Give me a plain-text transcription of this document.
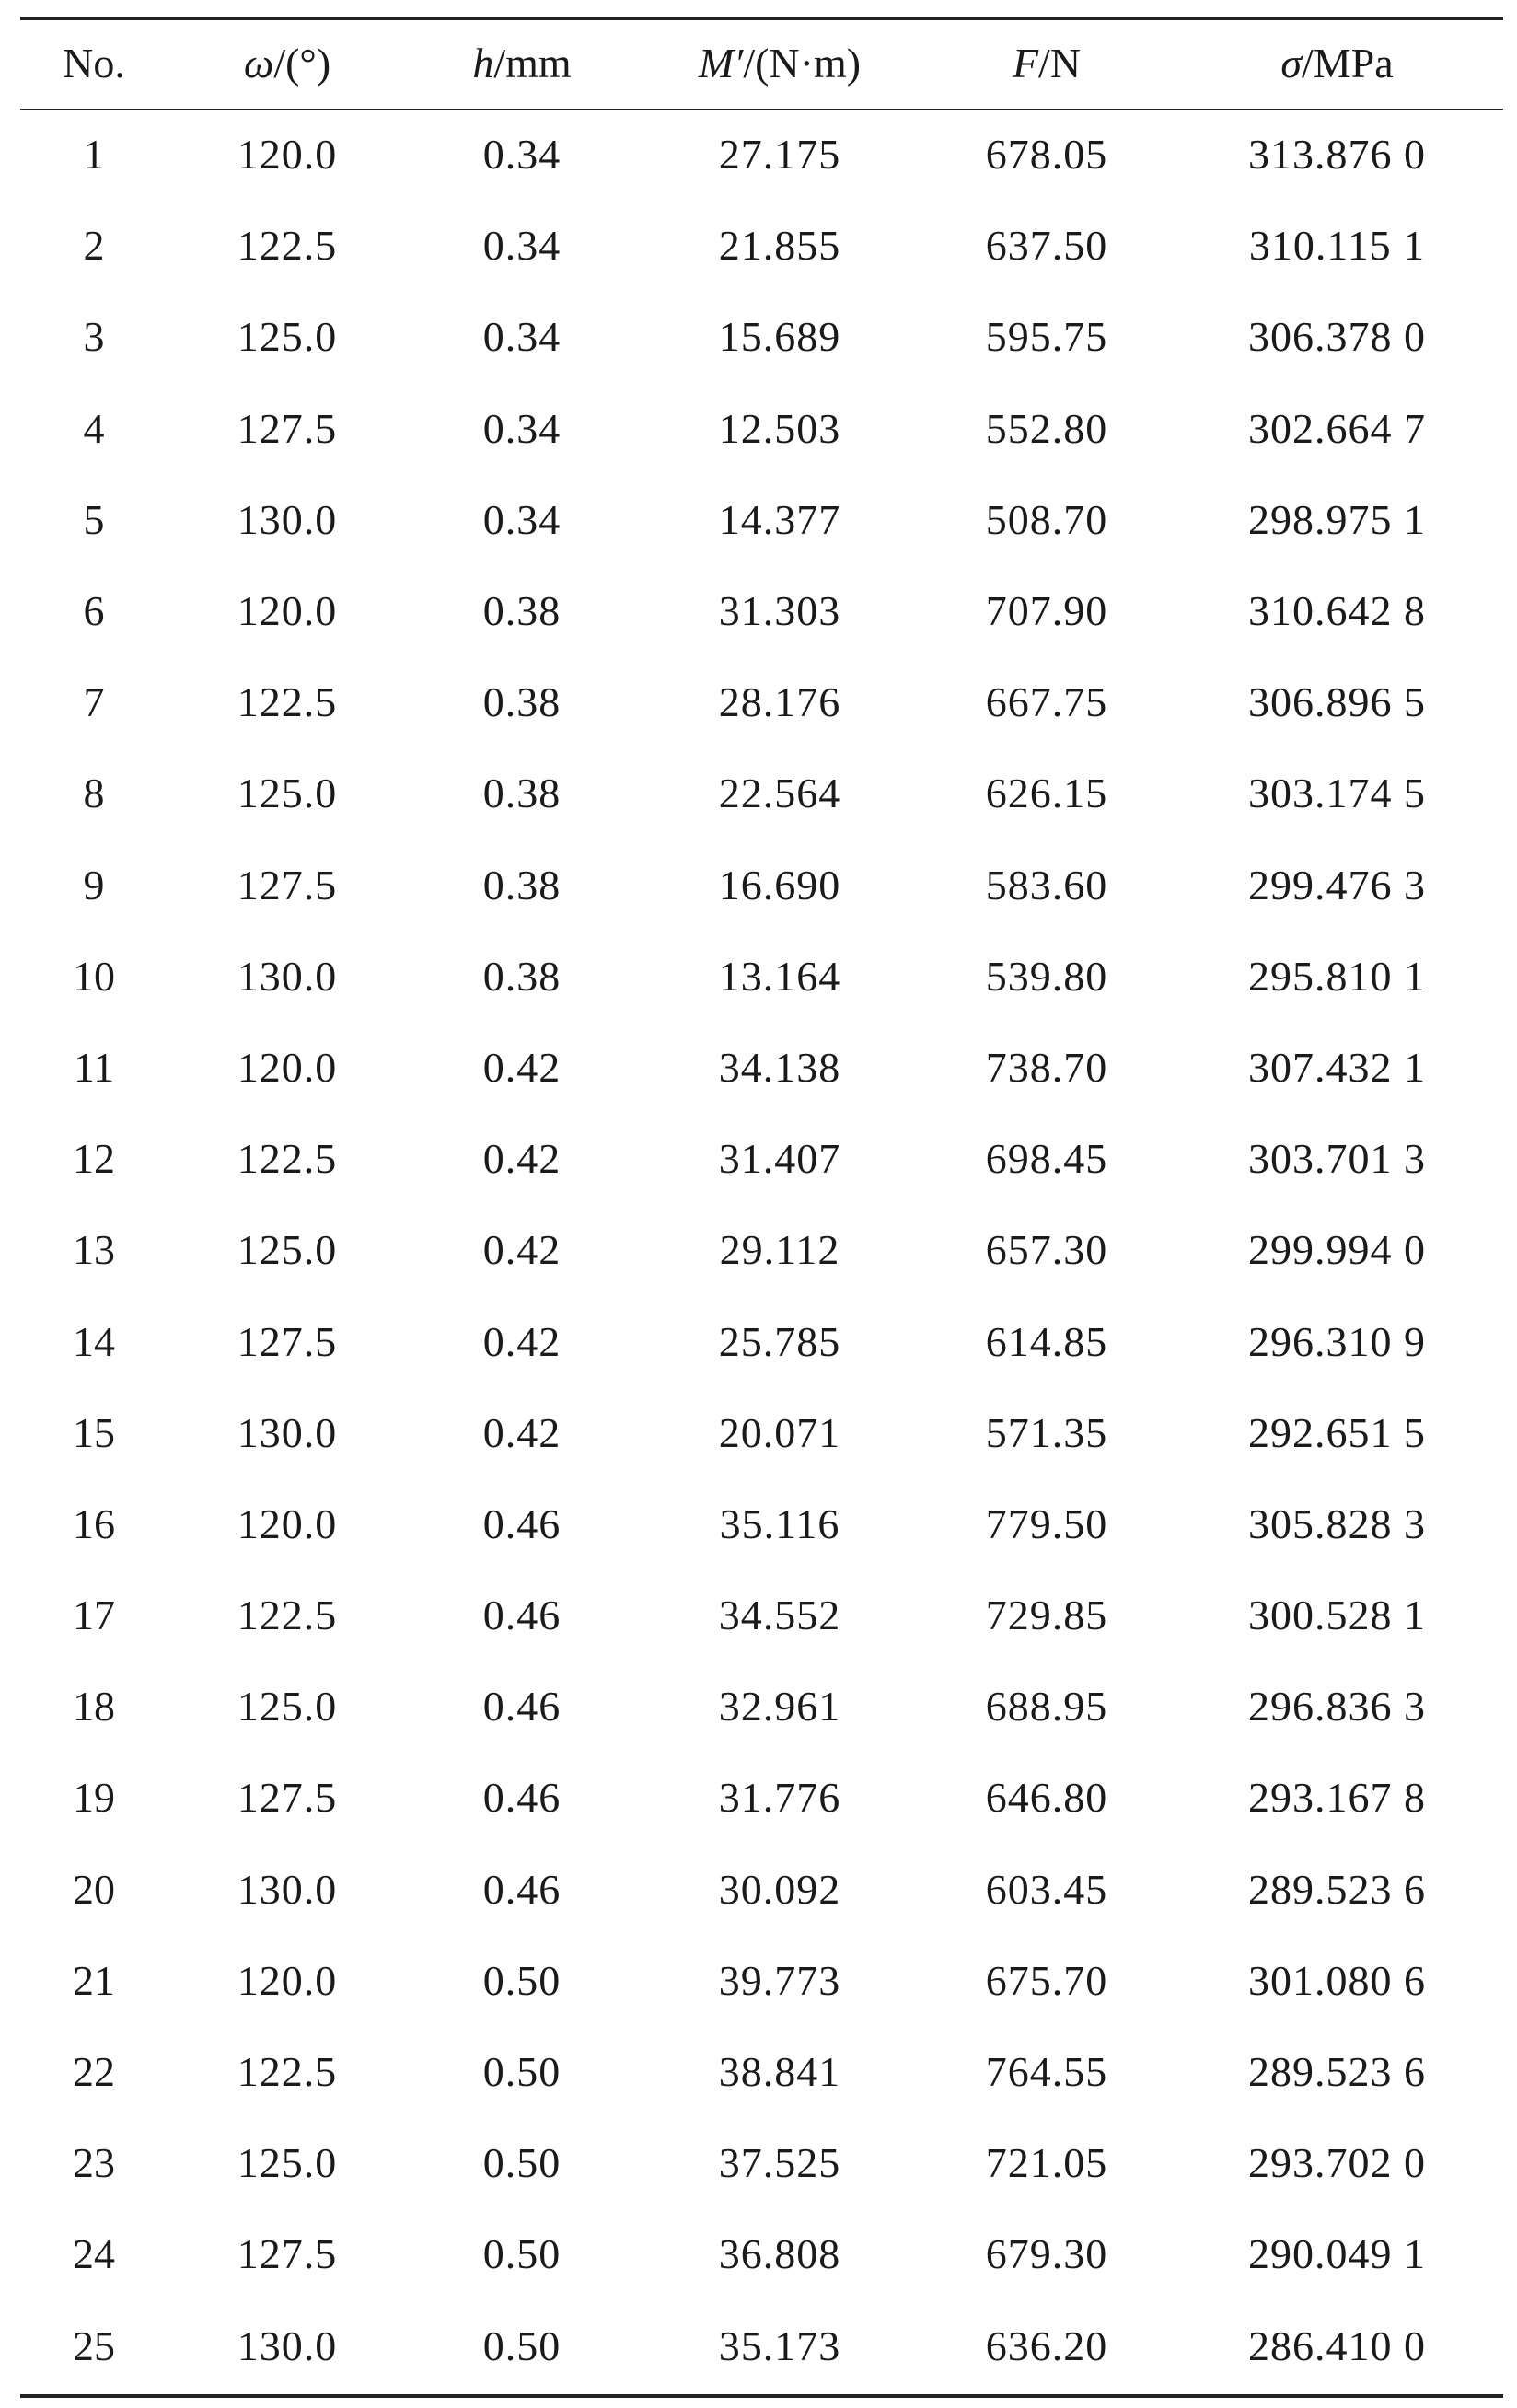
No.	ω/(°)	h/mm	M′/(N·m)	F/N	σ/MPa
1	120.0	0.34	27.175	678.05	313.876 0
2	122.5	0.34	21.855	637.50	310.115 1
3	125.0	0.34	15.689	595.75	306.378 0
4	127.5	0.34	12.503	552.80	302.664 7
5	130.0	0.34	14.377	508.70	298.975 1
6	120.0	0.38	31.303	707.90	310.642 8
7	122.5	0.38	28.176	667.75	306.896 5
8	125.0	0.38	22.564	626.15	303.174 5
9	127.5	0.38	16.690	583.60	299.476 3
10	130.0	0.38	13.164	539.80	295.810 1
11	120.0	0.42	34.138	738.70	307.432 1
12	122.5	0.42	31.407	698.45	303.701 3
13	125.0	0.42	29.112	657.30	299.994 0
14	127.5	0.42	25.785	614.85	296.310 9
15	130.0	0.42	20.071	571.35	292.651 5
16	120.0	0.46	35.116	779.50	305.828 3
17	122.5	0.46	34.552	729.85	300.528 1
18	125.0	0.46	32.961	688.95	296.836 3
19	127.5	0.46	31.776	646.80	293.167 8
20	130.0	0.46	30.092	603.45	289.523 6
21	120.0	0.50	39.773	675.70	301.080 6
22	122.5	0.50	38.841	764.55	289.523 6
23	125.0	0.50	37.525	721.05	293.702 0
24	127.5	0.50	36.808	679.30	290.049 1
25	130.0	0.50	35.173	636.20	286.410 0
